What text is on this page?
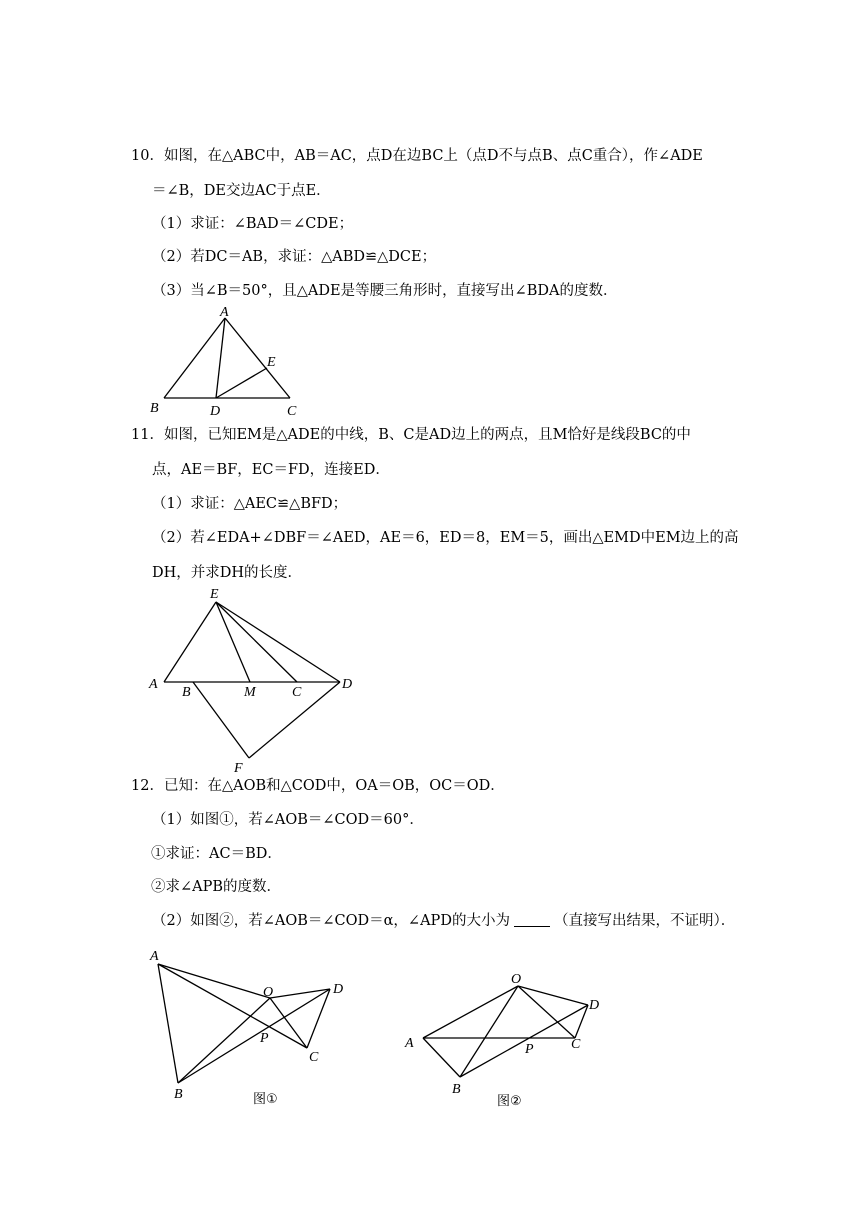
10．如图，在△ABC中，AB＝AC，点D在边BC上（点D不与点B、点C重合），作∠ADE
＝∠B，DE交边AC于点E．
（1）求证：∠BAD＝∠CDE；
（2）若DC＝AB，求证：△ABD≌△DCE；
（3）当∠B＝50°，且△ADE是等腰三角形时，直接写出∠BDA的度数．
A
E
B	D	C
11．如图，已知EM是△ADE的中线，B、C是AD边上的两点，且M恰好是线段BC的中
点，AE＝BF，EC＝FD，连接ED．
（1）求证：△AEC≌△BFD；
（2）若∠EDA+∠DBF＝∠AED，AE＝6，ED＝8，EM＝5，画出△EMD中EM边上的高
DH，并求DH的长度．
E
A
B	M	C
D
F
12．已知：在△AOB和△COD中，OA＝OB，OC＝OD．
（1）如图①，若∠AOB＝∠COD＝60°．
①求证：AC＝BD．
②求∠APB的度数．
（2）如图②，若∠AOB＝∠COD＝α，∠APD的大小为	（直接写出结果，不证明）．
A
O	D
P
C
B	图①
O
D
A	P	C
B
图②
